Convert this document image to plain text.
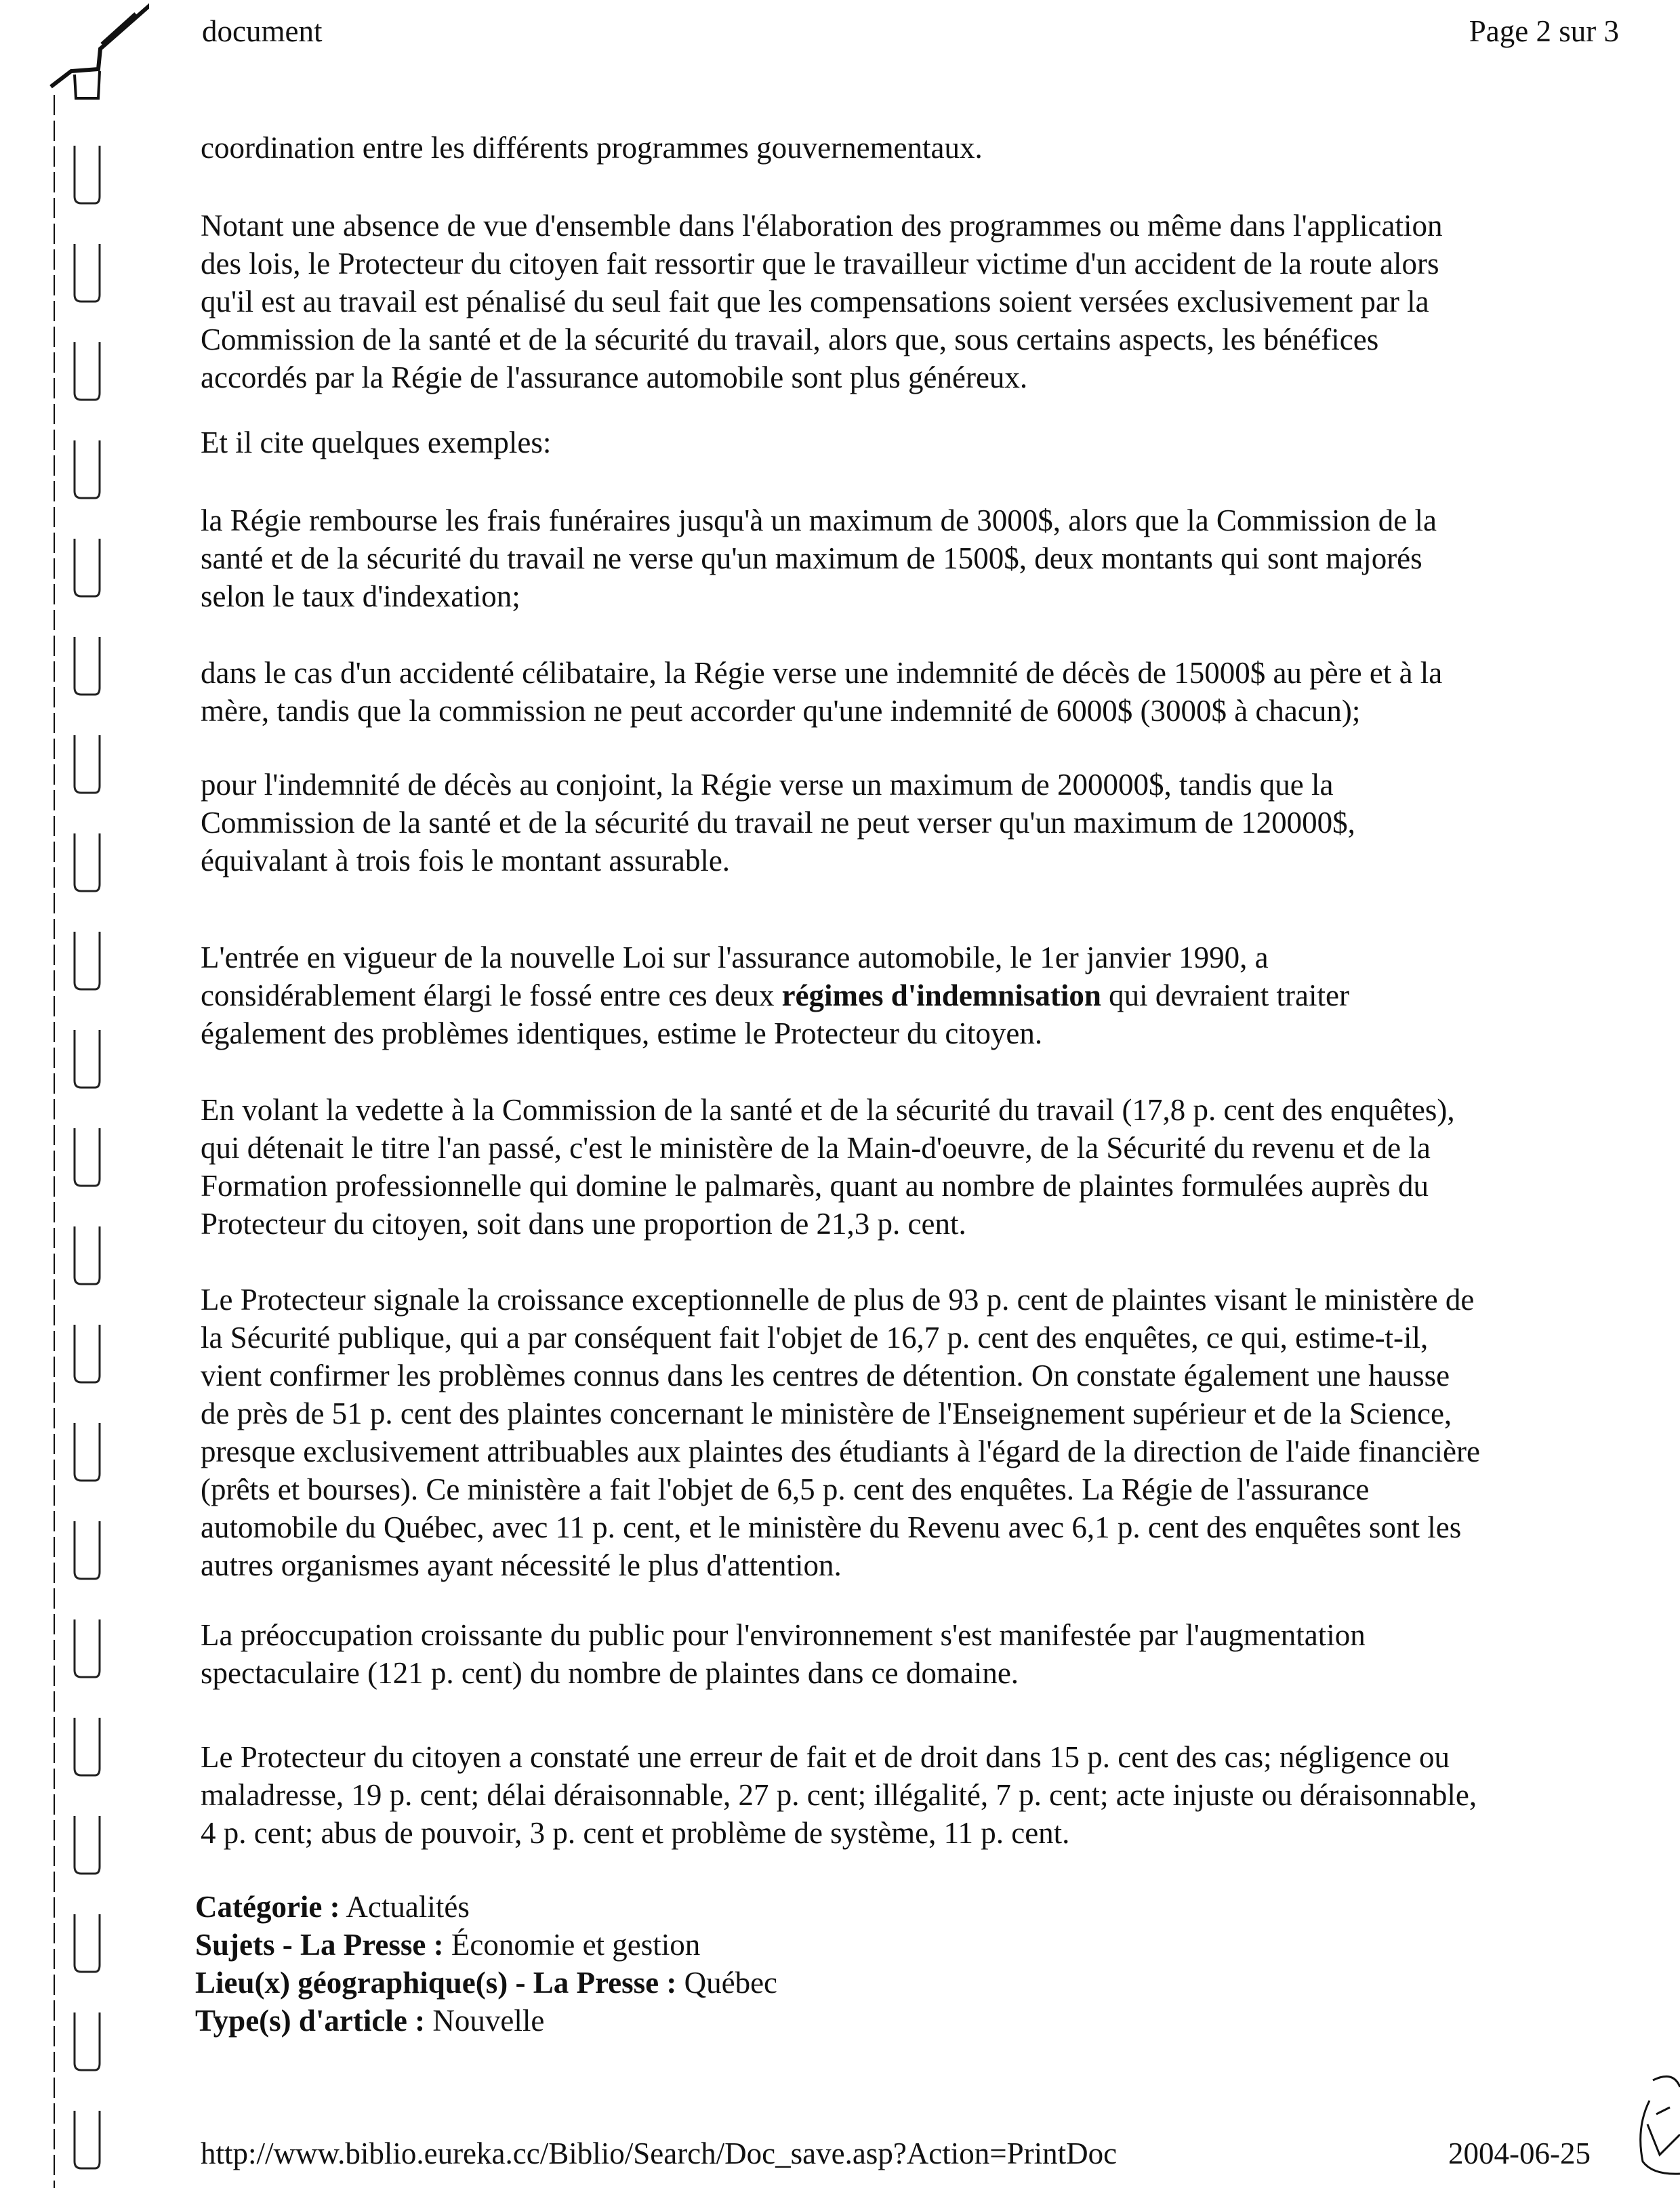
document	Page 2 sur 3

coordination entre les différents programmes gouvernementaux.

Notant une absence de vue d'ensemble dans l'élaboration des programmes ou même dans l'application
des lois, le Protecteur du citoyen fait ressortir que le travailleur victime d'un accident de la route alors
qu'il est au travail est pénalisé du seul fait que les compensations soient versées exclusivement par la
Commission de la santé et de la sécurité du travail, alors que, sous certains aspects, les bénéfices
accordés par la Régie de l'assurance automobile sont plus généreux.

Et il cite quelques exemples:

la Régie rembourse les frais funéraires jusqu'à un maximum de 3000$, alors que la Commission de la
santé et de la sécurité du travail ne verse qu'un maximum de 1500$, deux montants qui sont majorés
selon le taux d'indexation;

dans le cas d'un accidenté célibataire, la Régie verse une indemnité de décès de 15000$ au père et à la
mère, tandis que la commission ne peut accorder qu'une indemnité de 6000$ (3000$ à chacun);

pour l'indemnité de décès au conjoint, la Régie verse un maximum de 200000$, tandis que la
Commission de la santé et de la sécurité du travail ne peut verser qu'un maximum de 120000$,
équivalant à trois fois le montant assurable.

En volant la vedette à la Commission de la santé et de la sécurité du travail (17,8 p. cent des enquêtes),
qui détenait le titre l'an passé, c'est le ministère de la Main-d'oeuvre, de la Sécurité du revenu et de la
Formation professionnelle qui domine le palmarès, quant au nombre de plaintes formulées auprès du
Protecteur du citoyen, soit dans une proportion de 21,3 p. cent.

Le Protecteur signale la croissance exceptionnelle de plus de 93 p. cent de plaintes visant le ministère de
la Sécurité publique, qui a par conséquent fait l'objet de 16,7 p. cent des enquêtes, ce qui, estime-t-il,
vient confirmer les problèmes connus dans les centres de détention. On constate également une hausse
de près de 51 p. cent des plaintes concernant le ministère de l'Enseignement supérieur et de la Science,
presque exclusivement attribuables aux plaintes des étudiants à l'égard de la direction de l'aide financière
(prêts et bourses). Ce ministère a fait l'objet de 6,5 p. cent des enquêtes. La Régie de l'assurance
automobile du Québec, avec 11 p. cent, et le ministère du Revenu avec 6,1 p. cent des enquêtes sont les
autres organismes ayant nécessité le plus d'attention.

La préoccupation croissante du public pour l'environnement s'est manifestée par l'augmentation
spectaculaire (121 p. cent) du nombre de plaintes dans ce domaine.

Le Protecteur du citoyen a constaté une erreur de fait et de droit dans 15 p. cent des cas; négligence ou
maladresse, 19 p. cent; délai déraisonnable, 27 p. cent; illégalité, 7 p. cent; acte injuste ou déraisonnable,
4 p. cent; abus de pouvoir, 3 p. cent et problème de système, 11 p. cent.

L'entrée en vigueur de la nouvelle Loi sur l'assurance automobile, le 1er janvier 1990, a
considérablement élargi le fossé entre ces deux régimes d'indemnisation qui devraient traiter
également des problèmes identiques, estime le Protecteur du citoyen.

Catégorie : Actualités
Sujets - La Presse : Économie et gestion
Lieu(x) géographique(s) - La Presse : Québec
Type(s) d'article : Nouvelle
http://www.biblio.eureka.cc/Biblio/Search/Doc_save.asp?Action=PrintDoc	2004-06-25
